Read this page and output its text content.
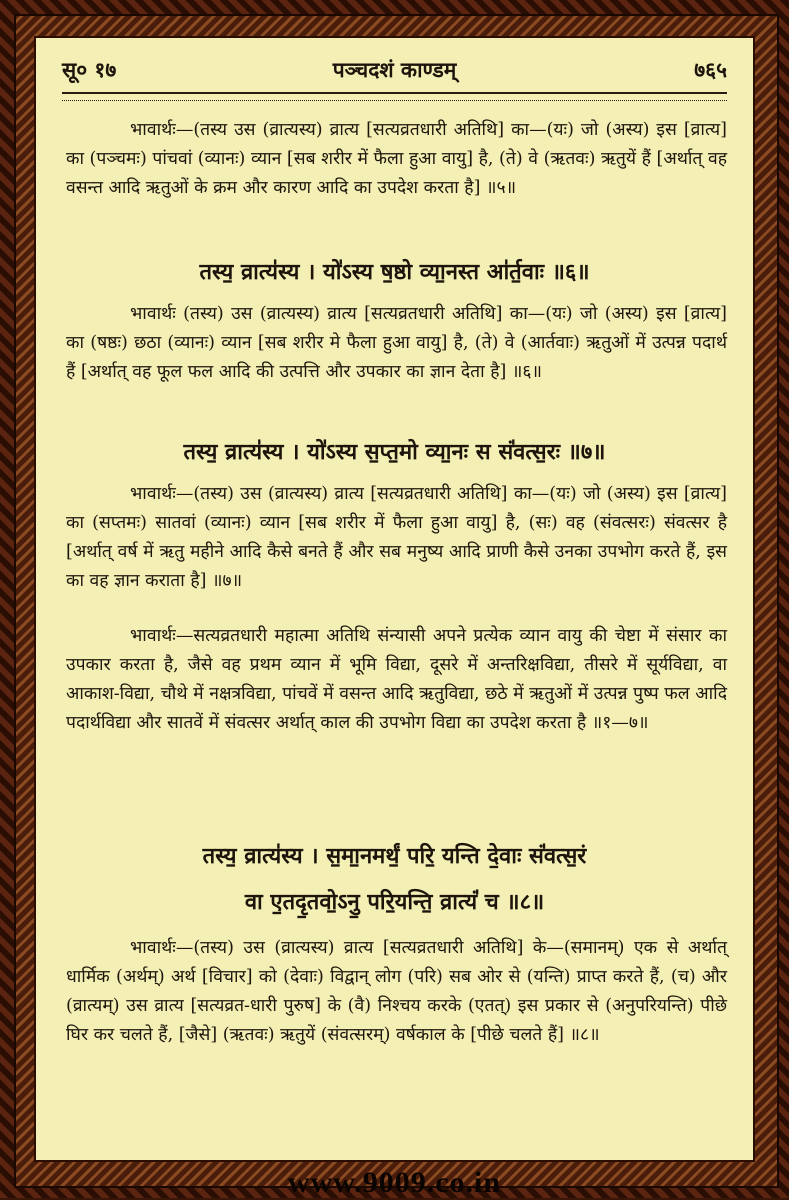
सू० १७	पञ्चदशं काण्डम्	७६५

भावार्थः—(तस्य उस (व्रात्यस्य) व्रात्य [सत्यव्रतधारी अतिथि] का—(यः) जो (अस्य) इस [व्रात्य] का (पञ्चमः) पांचवां (व्यानः) व्यान [सब शरीर में फैला हुआ वायु] है, (ते) वे (ऋतवः) ऋतुयें हैं [अर्थात् वह वसन्त आदि ऋतुओं के क्रम और कारण आदि का उपदेश करता है] ॥५॥

तस्य॒ व्रात्य॑स्य । यो॑ऽस्य ष॒ष्ठो व्या॒नस्त आ॑र्त॒वाः ॥६॥

भावार्थः (तस्य) उस (व्रात्यस्य) व्रात्य [सत्यव्रतधारी अतिथि] का—(यः) जो (अस्य) इस [व्रात्य] का (षष्ठः) छठा (व्यानः) व्यान [सब शरीर मे फैला हुआ वायु] है, (ते) वे (आर्तवाः) ऋतुओं में उत्पन्न पदार्थ हैं [अर्थात् वह फूल फल आदि की उत्पत्ति और उपकार का ज्ञान देता है] ॥६॥

तस्य॒ व्रात्य॑स्य । यो॑ऽस्य स॒प्त॒मो व्या॒नः स सं॑वत्स॒रः ॥७॥

भावार्थः—(तस्य) उस (व्रात्यस्य) व्रात्य [सत्यव्रतधारी अतिथि] का—(यः) जो (अस्य) इस [व्रात्य] का (सप्तमः) सातवां (व्यानः) व्यान [सब शरीर में फैला हुआ वायु] है, (सः) वह (संवत्सरः) संवत्सर है [अर्थात् वर्ष में ऋतु महीने आदि कैसे बनते हैं और सब मनुष्य आदि प्राणी कैसे उनका उपभोग करते हैं, इस का वह ज्ञान कराता है] ॥७॥

भावार्थः—सत्यव्रतधारी महात्मा अतिथि संन्यासी अपने प्रत्येक व्यान वायु की चेष्टा में संसार का उपकार करता है, जैसे वह प्रथम व्यान में भूमि विद्या, दूसरे में अन्तरिक्षविद्या, तीसरे में सूर्यविद्या, वा आकाश-विद्या, चौथे में नक्षत्रविद्या, पांचवें में वसन्त आदि ऋतुविद्या, छठे में ऋतुओं में उत्पन्न पुष्प फल आदि पदार्थविद्या और सातवें में संवत्सर अर्थात् काल की उपभोग विद्या का उपदेश करता है ॥१—७॥

तस्य॒ व्रात्य॑स्य । स॒मा॒नमर्थं॒ परि॒ यन्ति दे॒वाः सं॑वत्स॒रं
वा ए॒तदृ॒तवो॒ऽनु॒ परि॒यन्ति॒ व्रात्यं॑ च ॥८॥

भावार्थः—(तस्य) उस (व्रात्यस्य) व्रात्य [सत्यव्रतधारी अतिथि] के—(समानम्) एक से अर्थात् धार्मिक (अर्थम्) अर्थ [विचार] को (देवाः) विद्वान् लोग (परि) सब ओर से (यन्ति) प्राप्त करते हैं, (च) और (व्रात्यम्) उस व्रात्य [सत्यव्रत-धारी पुरुष] के (वै) निश्चय करके (एतत्) इस प्रकार से (अनुपरियन्ति) पीछे घिर कर चलते हैं, [जैसे] (ऋतवः) ऋतुयें (संवत्सरम्) वर्षकाल के [पीछे चलते हैं] ॥८॥

www.9009.co.in
